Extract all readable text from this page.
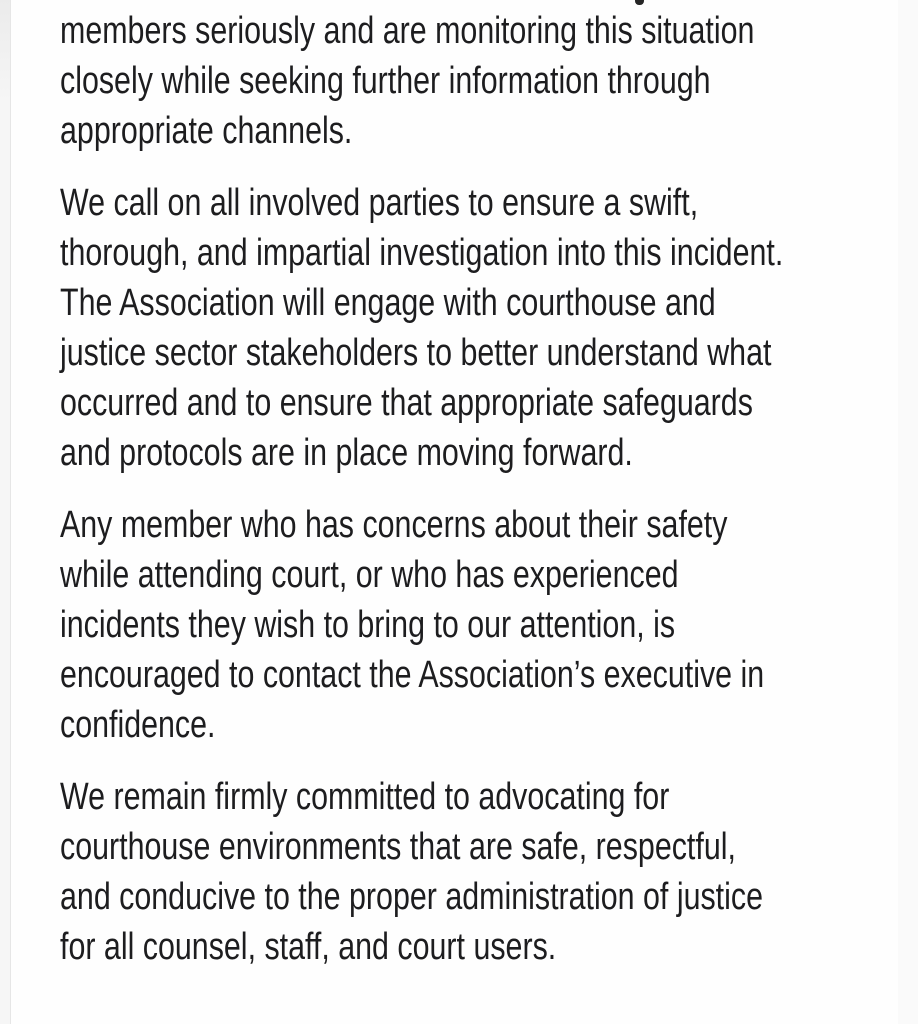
members seriously and are monitoring this situation
closely while seeking further information through
appropriate channels.
We call on all involved parties to ensure a swift,
thorough, and impartial investigation into this incident.
The Association will engage with courthouse and
justice sector stakeholders to better understand what
occurred and to ensure that appropriate safeguards
and protocols are in place moving forward.
Any member who has concerns about their safety
while attending court, or who has experienced
incidents they wish to bring to our attention, is
encouraged to contact the Association’s executive in
confidence.
We remain firmly committed to advocating for
courthouse environments that are safe, respectful,
and conducive to the proper administration of justice
for all counsel, staff, and court users.
